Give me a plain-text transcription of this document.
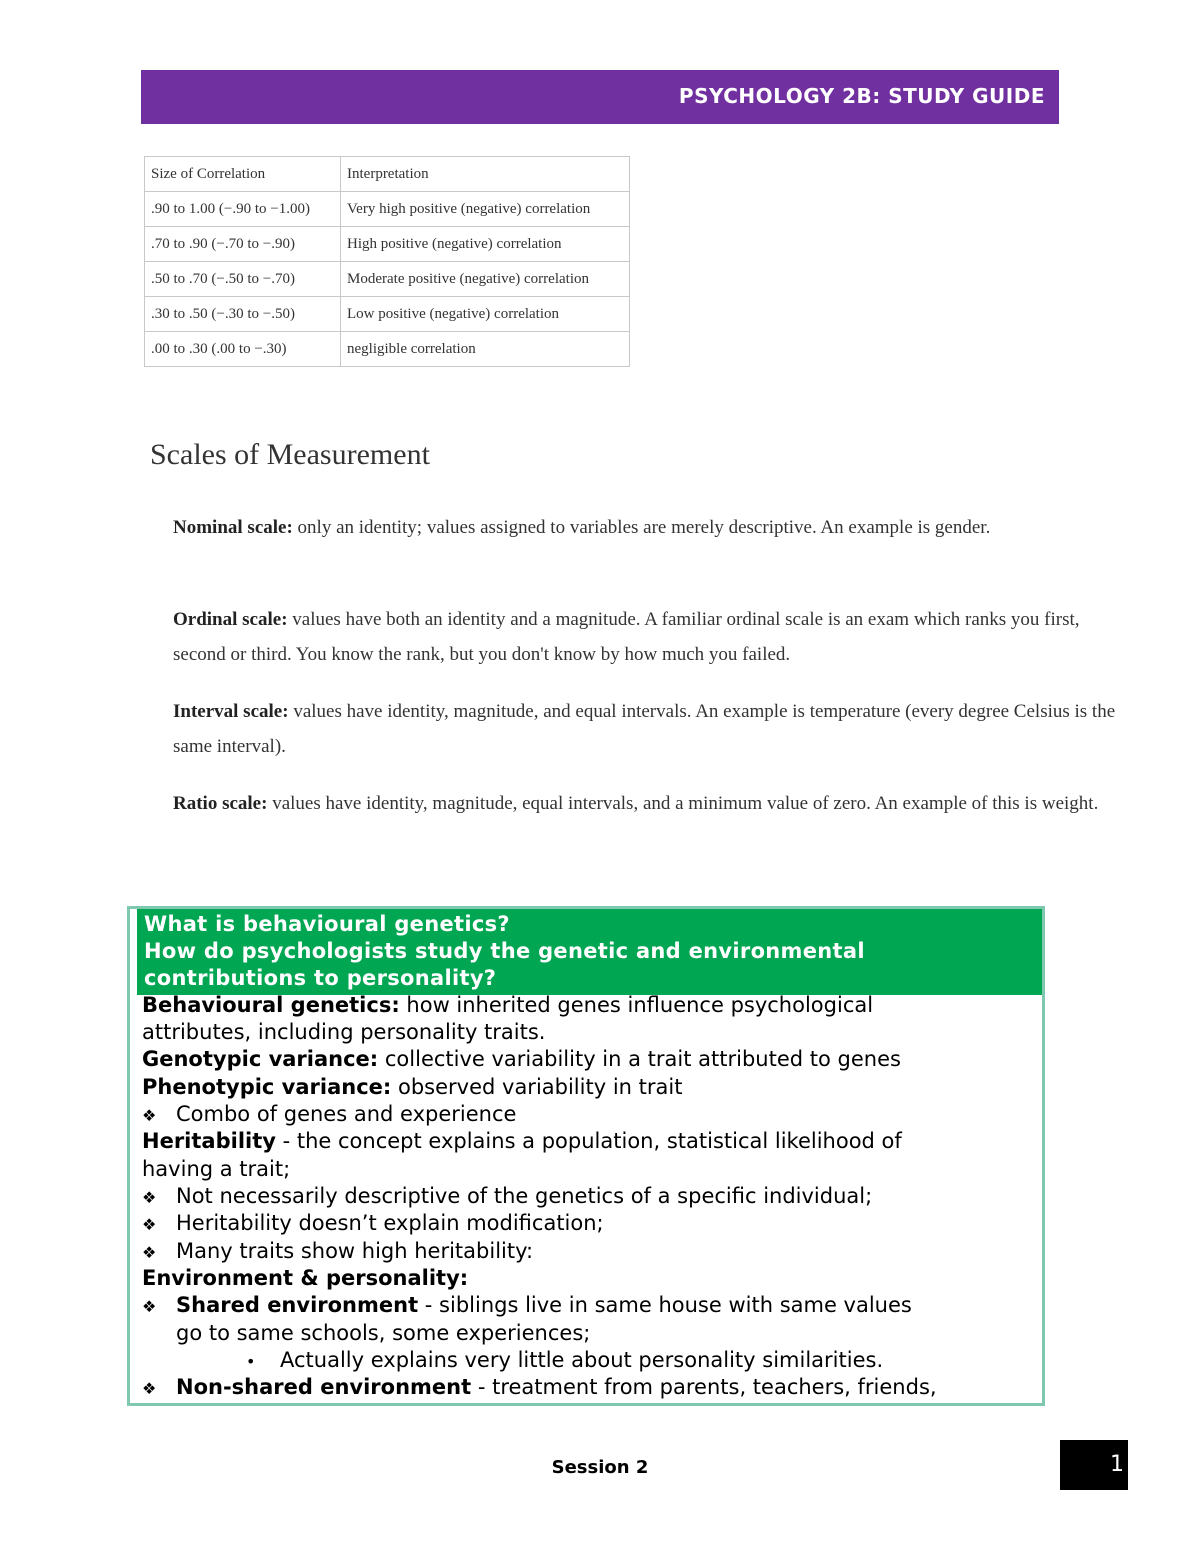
PSYCHOLOGY 2B: STUDY GUIDE
Size of Correlation	Interpretation
.90 to 1.00 (−.90 to −1.00)	Very high positive (negative) correlation
.70 to .90 (−.70 to −.90)	High positive (negative) correlation
.50 to .70 (−.50 to −.70)	Moderate positive (negative) correlation
.30 to .50 (−.30 to −.50)	Low positive (negative) correlation
.00 to .30 (.00 to −.30)	negligible correlation
Scales of Measurement

Nominal scale: only an identity; values assigned to variables are merely descriptive. An example is gender.

Ordinal scale: values have both an identity and a magnitude. A familiar ordinal scale is an exam which ranks you first, second or third. You know the rank, but you don't know by how much you failed.

Interval scale: values have identity, magnitude, and equal intervals. An example is temperature (every degree Celsius is the same interval).

Ratio scale: values have identity, magnitude, equal intervals, and a minimum value of zero. An example of this is weight.

What is behavioural genetics?
How do psychologists study the genetic and environmental
contributions to personality?
Behavioural genetics: how inherited genes influence psychological
attributes, including personality traits.
Genotypic variance: collective variability in a trait attributed to genes
Phenotypic variance: observed variability in trait
❖ Combo of genes and experience
Heritability - the concept explains a population, statistical likelihood of
having a trait;
❖ Not necessarily descriptive of the genetics of a specific individual;
❖ Heritability doesn’t explain modification;
❖ Many traits show high heritability:
Environment & personality:
❖ Shared environment - siblings live in same house with same values
go to same schools, some experiences;
• Actually explains very little about personality similarities.
❖ Non-shared environment - treatment from parents, teachers, friends,
Session 2	1
